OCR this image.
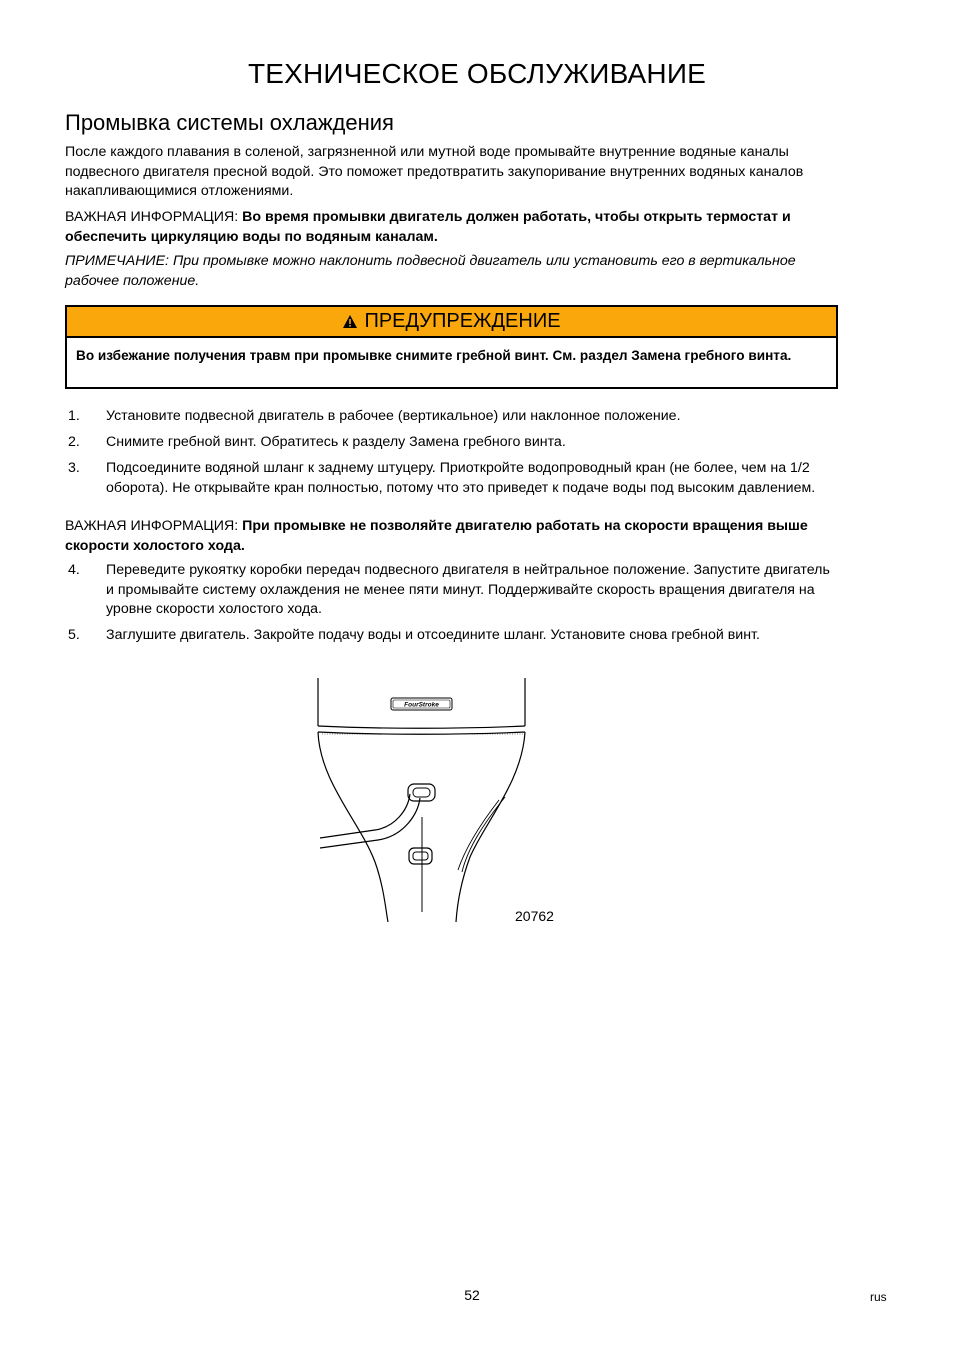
ТЕХНИЧЕСКОЕ ОБСЛУЖИВАНИЕ
Промывка системы охлаждения
После каждого плавания в соленой, загрязненной или мутной воде промывайте внутренние водяные каналы подвесного двигателя пресной водой. Это поможет предотвратить закупоривание внутренних водяных каналов накапливающимися отложениями.
ВАЖНАЯ ИНФОРМАЦИЯ: Во время промывки двигатель должен работать, чтобы открыть термостат и обеспечить циркуляцию воды по водяным каналам.
ПРИМЕЧАНИЕ: При промывке можно наклонить подвесной двигатель или установить его в вертикальное рабочее положение.
ПРЕДУПРЕЖДЕНИЕ
Во избежание получения травм при промывке снимите гребной винт. См. раздел Замена гребного винта.
1. Установите подвесной двигатель в рабочее (вертикальное) или наклонное положение.
2. Снимите гребной винт. Обратитесь к разделу Замена гребного винта.
3. Подсоедините водяной шланг к заднему штуцеру. Приоткройте водопроводный кран (не более, чем на 1/2 оборота). Не открывайте кран полностью, потому что это приведет к подаче воды под высоким давлением.
ВАЖНАЯ ИНФОРМАЦИЯ: При промывке не позволяйте двигателю работать на скорости вращения выше скорости холостого хода.
4. Переведите рукоятку коробки передач подвесного двигателя в нейтральное положение. Запустите двигатель и промывайте систему охлаждения не менее пяти минут. Поддерживайте скорость вращения двигателя на уровне скорости холостого хода.
5. Заглушите двигатель. Закройте подачу воды и отсоедините шланг. Установите снова гребной винт.
FourStroke
20762
52	rus
